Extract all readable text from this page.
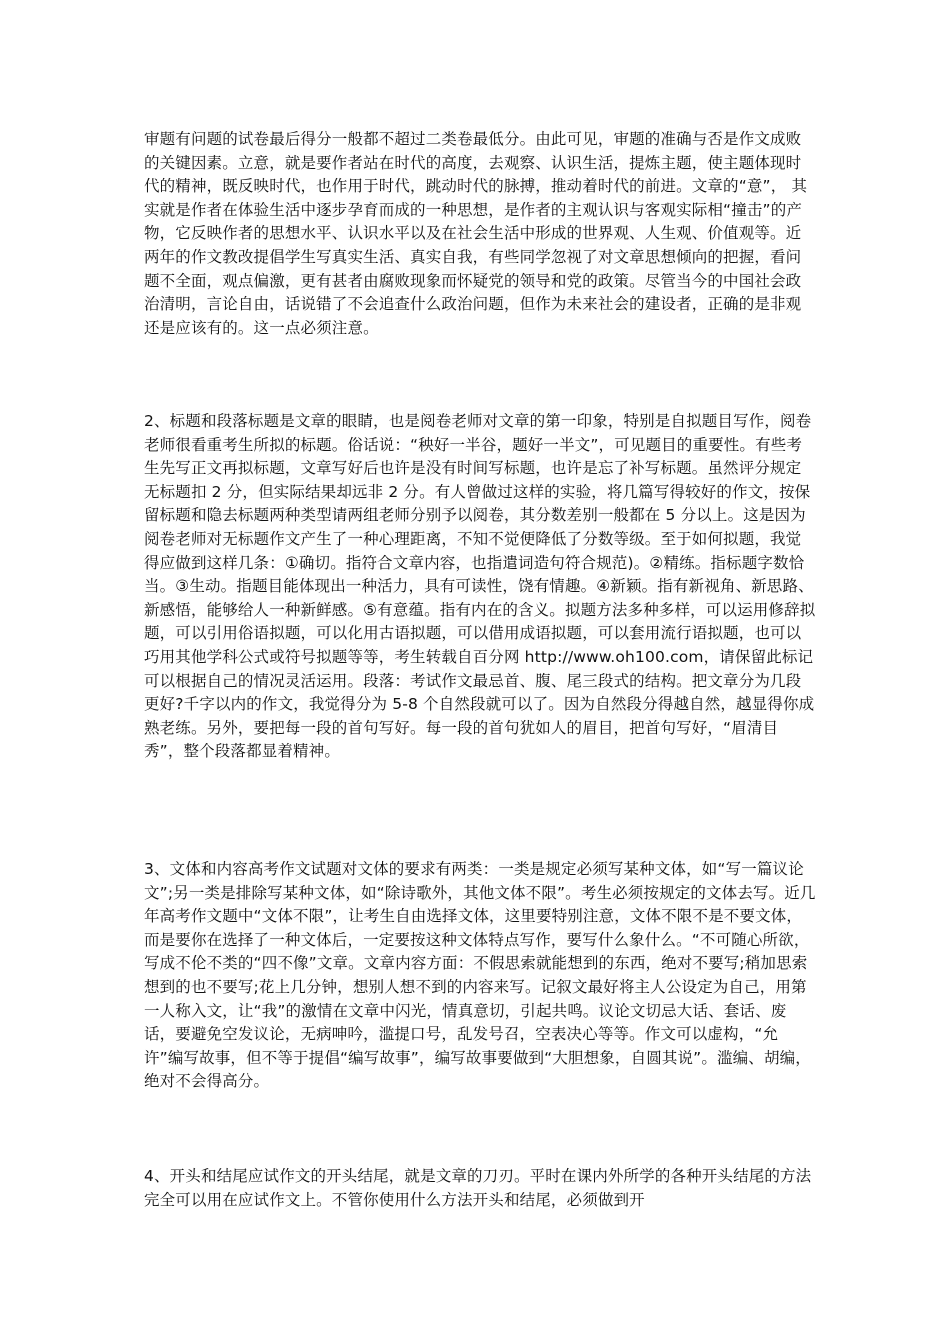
审题有问题的试卷最后得分一般都不超过二类卷最低分。由此可见，审题的准确与否是作文成败的关键因素。立意，就是要作者站在时代的高度，去观察、认识生活，提炼主题，使主题体现时代的精神，既反映时代，也作用于时代，跳动时代的脉搏，推动着时代的前进。文章的“意”， 其实就是作者在体验生活中逐步孕育而成的一种思想，是作者的主观认识与客观实际相“撞击”的产物，它反映作者的思想水平、认识水平以及在社会生活中形成的世界观、人生观、价值观等。近两年的作文教改提倡学生写真实生活、真实自我，有些同学忽视了对文章思想倾向的把握，看问题不全面，观点偏激，更有甚者由腐败现象而怀疑党的领导和党的政策。尽管当今的中国社会政治清明，言论自由，话说错了不会追查什么政治问题，但作为未来社会的建设者，正确的是非观还是应该有的。这一点必须注意。

2、标题和段落标题是文章的眼睛，也是阅卷老师对文章的第一印象，特别是自拟题目写作，阅卷老师很看重考生所拟的标题。俗话说：“秧好一半谷，题好一半文”，可见题目的重要性。有些考生先写正文再拟标题，文章写好后也许是没有时间写标题，也许是忘了补写标题。虽然评分规定无标题扣 2 分，但实际结果却远非 2 分。有人曾做过这样的实验，将几篇写得较好的作文，按保留标题和隐去标题两种类型请两组老师分别予以阅卷，其分数差别一般都在 5 分以上。这是因为阅卷老师对无标题作文产生了一种心理距离，不知不觉便降低了分数等级。至于如何拟题，我觉得应做到这样几条：①确切。指符合文章内容，也指遣词造句符合规范)。②精练。指标题字数恰当。③生动。指题目能体现出一种活力，具有可读性，饶有情趣。④新颖。指有新视角、新思路、新感悟，能够给人一种新鲜感。⑤有意蕴。指有内在的含义。拟题方法多种多样，可以运用修辞拟题，可以引用俗语拟题，可以化用古语拟题，可以借用成语拟题，可以套用流行语拟题，也可以巧用其他学科公式或符号拟题等等，考生转载自百分网 http://www.oh100.com，请保留此标记可以根据自己的情况灵活运用。段落：考试作文最忌首、腹、尾三段式的结构。把文章分为几段更好?千字以内的作文，我觉得分为 5-8 个自然段就可以了。因为自然段分得越自然，越显得你成熟老练。另外，要把每一段的首句写好。每一段的首句犹如人的眉目，把首句写好，“眉清目秀”，整个段落都显着精神。

3、文体和内容高考作文试题对文体的要求有两类：一类是规定必须写某种文体，如“写一篇议论文”;另一类是排除写某种文体，如“除诗歌外，其他文体不限”。考生必须按规定的文体去写。近几年高考作文题中“文体不限”，让考生自由选择文体，这里要特别注意，文体不限不是不要文体，而是要你在选择了一种文体后，一定要按这种文体特点写作，要写什么象什么。“不可随心所欲，写成不伦不类的“四不像”文章。文章内容方面：不假思索就能想到的东西，绝对不要写;稍加思索想到的也不要写;花上几分钟，想别人想不到的内容来写。记叙文最好将主人公设定为自己，用第一人称入文，让“我”的激情在文章中闪光，情真意切，引起共鸣。议论文切忌大话、套话、废话，要避免空发议论，无病呻吟，滥提口号，乱发号召，空表决心等等。作文可以虚构，“允许”编写故事，但不等于提倡“编写故事”，编写故事要做到“大胆想象，自圆其说”。滥编、胡编，绝对不会得高分。

4、开头和结尾应试作文的开头结尾，就是文章的刀刃。平时在课内外所学的各种开头结尾的方法完全可以用在应试作文上。不管你使用什么方法开头和结尾，必须做到开
